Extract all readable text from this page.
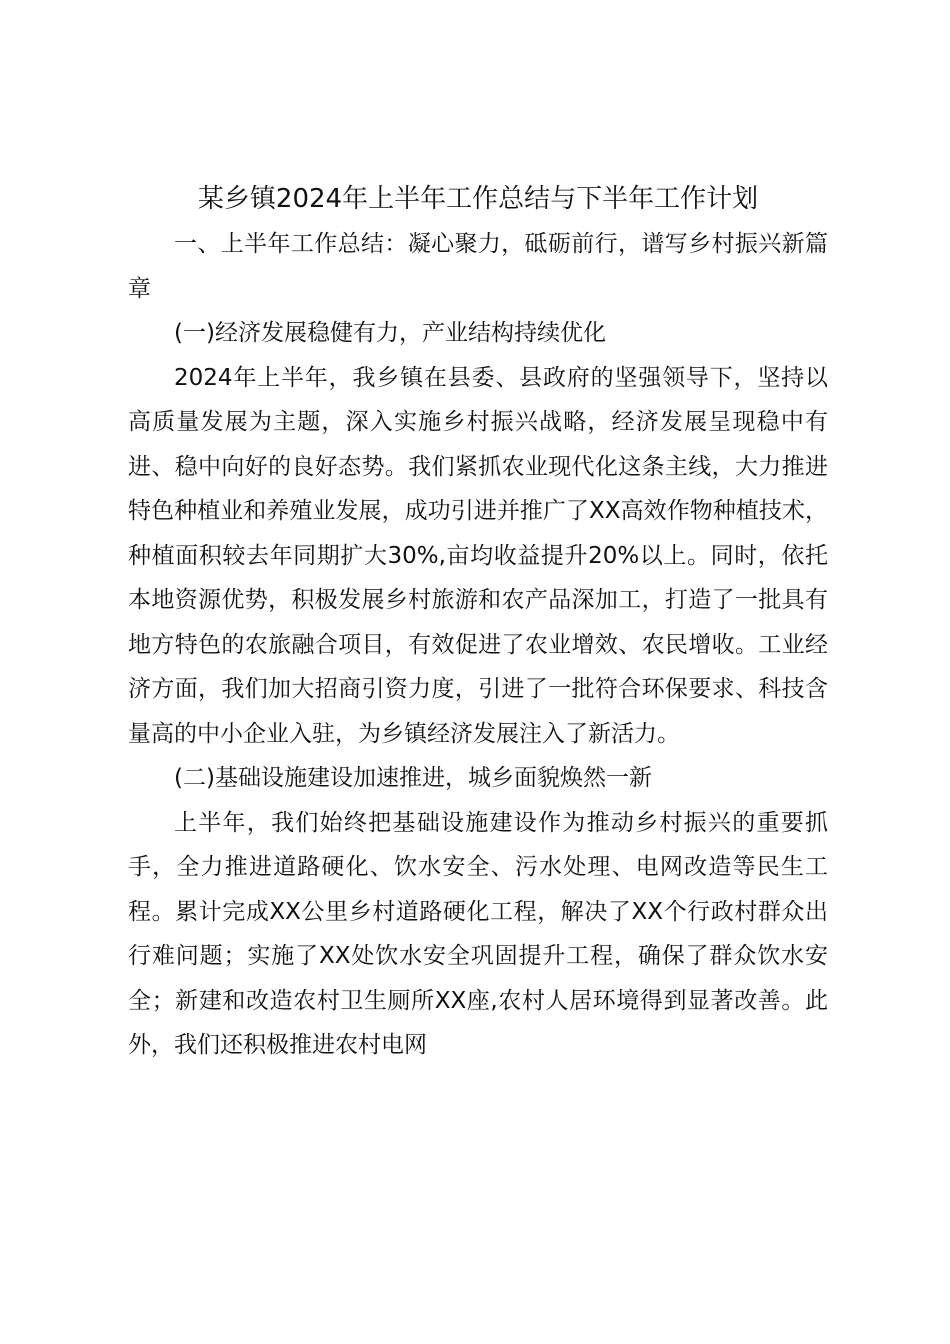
某乡镇2024年上半年工作总结与下半年工作计划

一、上半年工作总结：凝心聚力，砥砺前行，谱写乡村振兴新篇章

(一)经济发展稳健有力，产业结构持续优化

2024年上半年，我乡镇在县委、县政府的坚强领导下，坚持以高质量发展为主题，深入实施乡村振兴战略，经济发展呈现稳中有进、稳中向好的良好态势。我们紧抓农业现代化这条主线，大力推进特色种植业和养殖业发展，成功引进并推广了XX高效作物种植技术，种植面积较去年同期扩大30%,亩均收益提升20%以上。同时，依托本地资源优势，积极发展乡村旅游和农产品深加工，打造了一批具有地方特色的农旅融合项目，有效促进了农业增效、农民增收。工业经济方面，我们加大招商引资力度，引进了一批符合环保要求、科技含量高的中小企业入驻，为乡镇经济发展注入了新活力。

(二)基础设施建设加速推进，城乡面貌焕然一新

上半年，我们始终把基础设施建设作为推动乡村振兴的重要抓手，全力推进道路硬化、饮水安全、污水处理、电网改造等民生工程。累计完成XX公里乡村道路硬化工程，解决了XX个行政村群众出行难问题；实施了XX处饮水安全巩固提升工程，确保了群众饮水安全；新建和改造农村卫生厕所XX座,农村人居环境得到显著改善。此外，我们还积极推进农村电网
